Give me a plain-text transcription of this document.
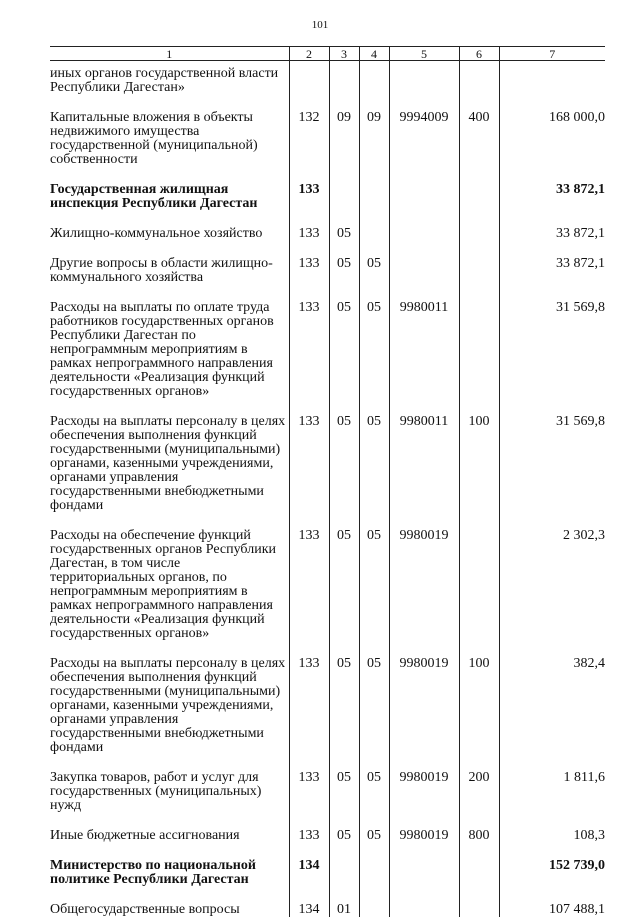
101
1	2	3	4	5	6	7
иных органов государственной власти Республики Дагестан»						
Капитальные вложения в объекты недвижимого имущества государственной (муниципальной) собственности	132	09	09	9994009	400	168 000,0
Государственная жилищная инспекция Республики Дагестан	133					33 872,1
Жилищно-коммунальное хозяйство	133	05				33 872,1
Другие вопросы в области жилищно-коммунального хозяйства	133	05	05			33 872,1
Расходы на выплаты по оплате труда работников государственных органов Республики Дагестан по непрограммным мероприятиям в рамках непрограммного направления деятельности «Реализация функций государственных органов»	133	05	05	9980011		31 569,8
Расходы на выплаты персоналу в целях обеспечения выполнения функций государственными (муниципальными) органами, казенными учреждениями, органами управления государственными внебюджетными фондами	133	05	05	9980011	100	31 569,8
Расходы на обеспечение функций государственных органов Республики Дагестан, в том числе территориальных органов, по непрограммным мероприятиям в рамках непрограммного направления деятельности «Реализация функций государственных органов»	133	05	05	9980019		2 302,3
Расходы на выплаты персоналу в целях обеспечения выполнения функций государственными (муниципальными) органами, казенными учреждениями, органами управления государственными внебюджетными фондами	133	05	05	9980019	100	382,4
Закупка товаров, работ и услуг для государственных (муниципальных) нужд	133	05	05	9980019	200	1 811,6
Иные бюджетные ассигнования	133	05	05	9980019	800	108,3
Министерство по национальной политике Республики Дагестан	134					152 739,0
Общегосударственные вопросы	134	01				107 488,1
